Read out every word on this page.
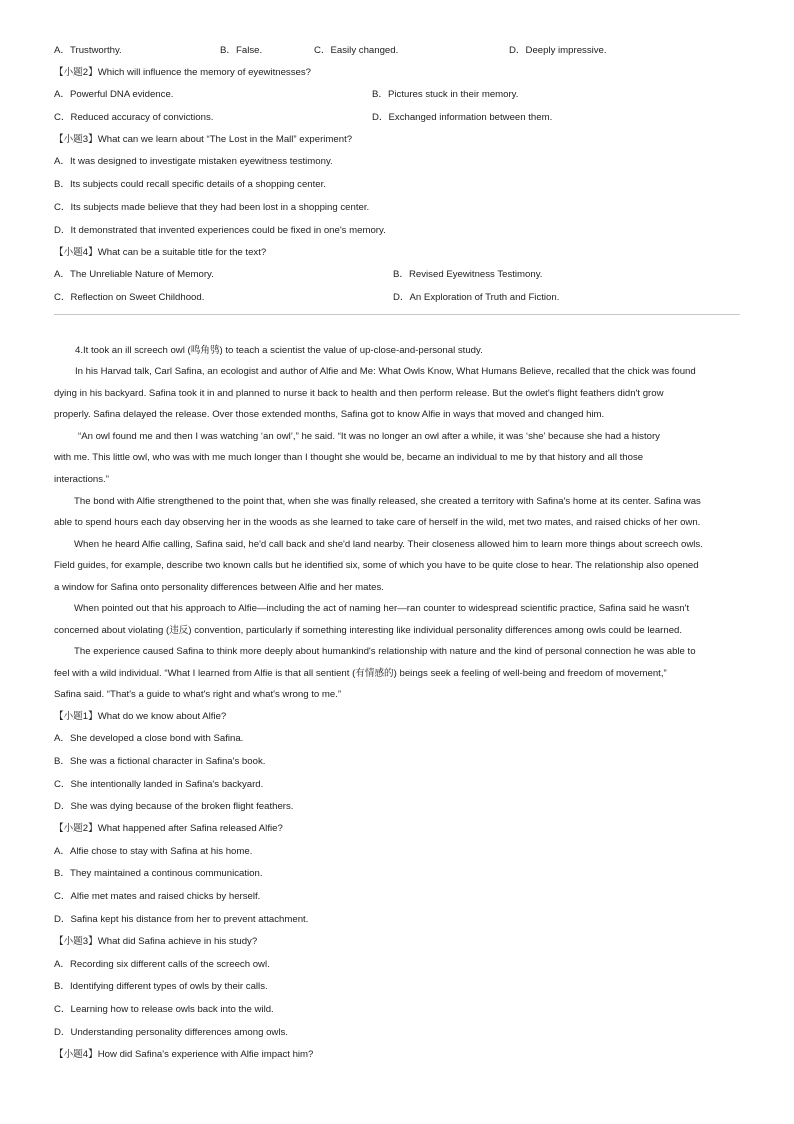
A．Trustworthy.	B．False.	C．Easily changed.	D．Deeply impressive.
【小题2】Which will influence the memory of eyewitnesses?
A．Powerful DNA evidence.	B．Pictures stuck in their memory.
C．Reduced accuracy of convictions.	D．Exchanged information between them.
【小题3】What can we learn about “The Lost in the Mall” experiment?
A．It was designed to investigate mistaken eyewitness testimony.
B．Its subjects could recall specific details of a shopping center.
C．Its subjects made believe that they had been lost in a shopping center.
D．It demonstrated that invented experiences could be fixed in one's memory.
【小题4】What can be a suitable title for the text?
A．The Unreliable Nature of Memory.	B．Revised Eyewitness Testimony.
C．Reflection on Sweet Childhood.	D．An Exploration of Truth and Fiction.
4.It took an ill screech owl (鸣角鸮) to teach a scientist the value of up-close-and-personal study.
In his Harvad talk, Carl Safina, an ecologist and author of Alfie and Me: What Owls Know, What Humans Believe, recalled that the chick was found
dying in his backyard. Safina took it in and planned to nurse it back to health and then perform release. But the owlet's flight feathers didn't grow
properly. Safina delayed the release. Over those extended months, Safina got to know Alfie in ways that moved and changed him.
“An owl found me and then I was watching ‘an owl’,” he said. “It was no longer an owl after a while, it was ‘she’ because she had a history
with me. This little owl, who was with me much longer than I thought she would be, became an individual to me by that history and all those
interactions.”
The bond with Alfie strengthened to the point that, when she was finally released, she created a territory with Safina's home at its center. Safina was
able to spend hours each day observing her in the woods as she learned to take care of herself in the wild, met two mates, and raised chicks of her own.
When he heard Alfie calling, Safina said, he'd call back and she'd land nearby. Their closeness allowed him to learn more things about screech owls.
Field guides, for example, describe two known calls but he identified six, some of which you have to be quite close to hear. The relationship also opened
a window for Safina onto personality differences between Alfie and her mates.
When pointed out that his approach to Alfie—including the act of naming her—ran counter to widespread scientific practice, Safina said he wasn't
concerned about violating (违反) convention, particularly if something interesting like individual personality differences among owls could be learned.
The experience caused Safina to think more deeply about humankind's relationship with nature and the kind of personal connection he was able to
feel with a wild individual. “What I learned from Alfie is that all sentient (有情感的) beings seek a feeling of well-being and freedom of movement,”
Safina said. “That's a guide to what's right and what's wrong to me.”
【小题1】What do we know about Alfie?
A．She developed a close bond with Safina.
B．She was a fictional character in Safina's book.
C．She intentionally landed in Safina's backyard.
D．She was dying because of the broken flight feathers.
【小题2】What happened after Safina released Alfie?
A．Alfie chose to stay with Safina at his home.
B．They maintained a continous communication.
C．Alfie met mates and raised chicks by herself.
D．Safina kept his distance from her to prevent attachment.
【小题3】What did Safina achieve in his study?
A．Recording six different calls of the screech owl.
B．Identifying different types of owls by their calls.
C．Learning how to release owls back into the wild.
D．Understanding personality differences among owls.
【小题4】How did Safina's experience with Alfie impact him?
